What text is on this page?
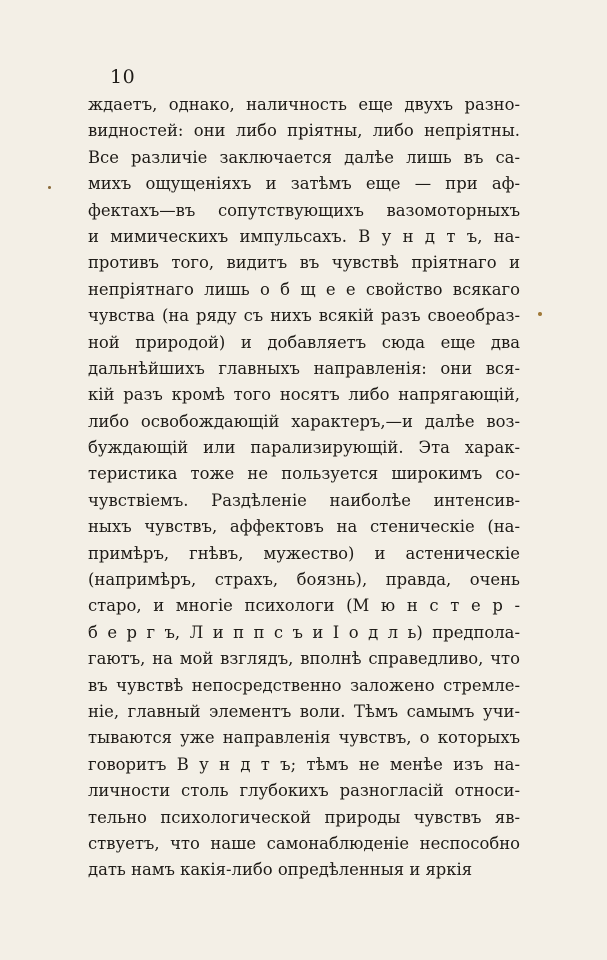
10
ждаетъ, однако, наличность еще двухъ разно-
видностей: они либо пріятны, либо непріятны.
Все различіе заключается далѣе лишь въ са-
михъ ощущеніяхъ и затѣмъ еще — при аф-
фектахъ—въ сопутствующихъ вазомоторныхъ
и мимическихъ импульсахъ. В у н д т ъ, на-
противъ того, видитъ въ чувствѣ пріятнаго и
непріятнаго лишь о б щ е е свойство всякаго
чувства (на ряду съ нихъ всякій разъ своеобраз-
ной природой) и добавляетъ сюда еще два
дальнѣйшихъ главныхъ направленія: они вся-
кій разъ кромѣ того носятъ либо напрягающій,
либо освобождающій характеръ,—и далѣе воз-
буждающій или парализирующій. Эта харак-
теристика тоже не пользуется широкимъ со-
чувствіемъ. Раздѣленіе наиболѣе интенсив-
ныхъ чувствъ, аффектовъ на стеническіе (на-
примѣръ, гнѣвъ, мужество) и астеническіе
(напримѣръ, страхъ, боязнь), правда, очень
старо, и многіе психологи (М ю н с т е р -
б е р г ъ, Л и п п с ъ и І о д л ь) предпола-
гаютъ, на мой взглядъ, вполнѣ справедливо, что
въ чувствѣ непосредственно заложено стремле-
ніе, главный элементъ воли. Тѣмъ самымъ учи-
тываются уже направленія чувствъ, о которыхъ
говоритъ В у н д т ъ; тѣмъ не менѣе изъ на-
личности столь глубокихъ разногласій относи-
тельно психологической природы чувствъ яв-
ствуетъ, что наше самонаблюденіе неспособно
дать намъ какія-либо опредѣленныя и яркія
